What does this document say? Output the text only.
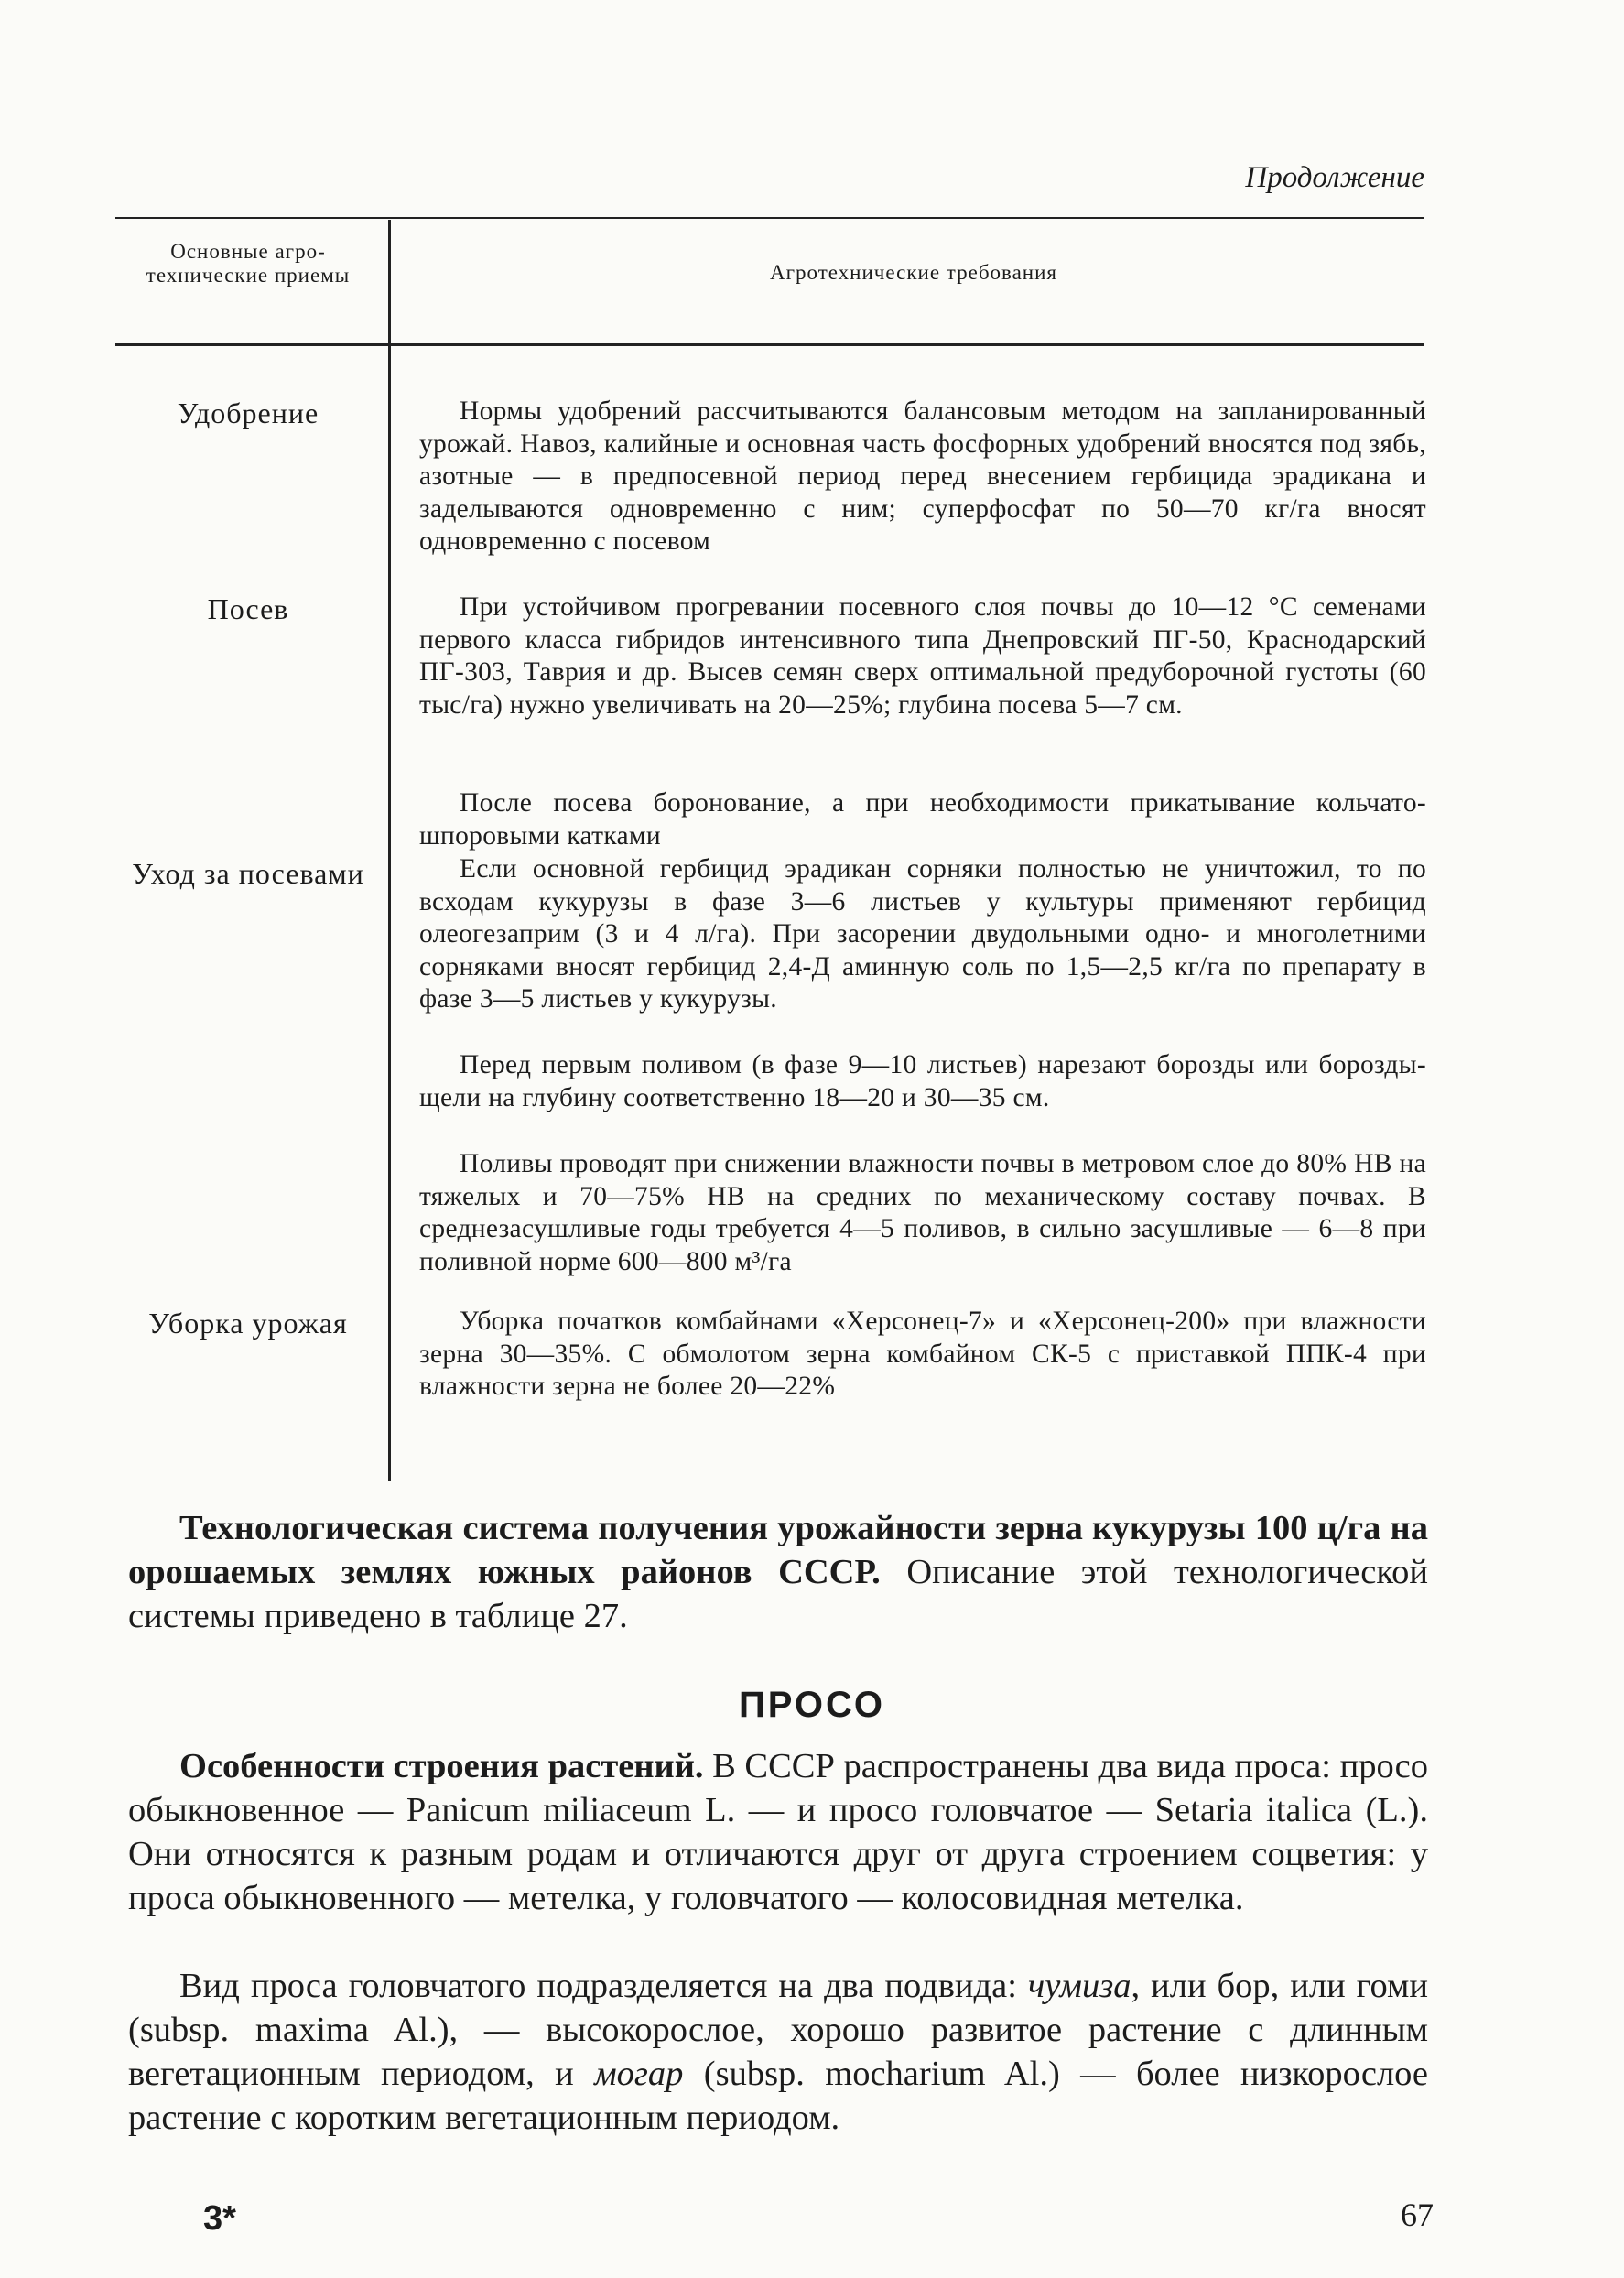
Продолжение
Основные агро-технические приемы	Агротехнические требования
Удобрение
Посев
Уход за посевами
Уборка урожая

Нормы удобрений рассчитываются балансовым методом на запланированный урожай. Навоз, калийные и основная часть фосфорных удобрений вносятся под зябь, азотные — в предпосевной период перед внесением гербицида эрадикана и заделываются одновременно с ним; суперфосфат по 50—70 кг/га вносят одновременно с посевом

При устойчивом прогревании посевного слоя почвы до 10—12 °С семенами первого класса гибридов интенсивного типа Днепровский ПГ-50, Краснодарский ПГ-303, Таврия и др. Высев семян сверх оптимальной предуборочной густоты (60 тыс/га) нужно увеличивать на 20—25%; глубина посева 5—7 см.

После посева боронование, а при необходимости прикатывание кольчато-шпоровыми катками

Если основной гербицид эрадикан сорняки полностью не уничтожил, то по всходам кукурузы в фазе 3—6 листьев у культуры применяют гербицид олеогезаприм (3 и 4 л/га). При засорении двудольными одно- и многолетними сорняками вносят гербицид 2,4-Д аминную соль по 1,5—2,5 кг/га по препарату в фазе 3—5 листьев у кукурузы.

Перед первым поливом (в фазе 9—10 листьев) нарезают борозды или борозды-щели на глубину соответственно 18—20 и 30—35 см.

Поливы проводят при снижении влажности почвы в метровом слое до 80% НВ на тяжелых и 70—75% НВ на средних по механическому составу почвах. В среднезасушливые годы требуется 4—5 поливов, в сильно засушливые — 6—8 при поливной норме 600—800 м³/га

Уборка початков комбайнами «Херсонец-7» и «Херсонец-200» при влажности зерна 30—35%. С обмолотом зерна комбайном СК-5 с приставкой ППК-4 при влажности зерна не более 20—22%

Технологическая система получения урожайности зерна кукурузы 100 ц/га на орошаемых землях южных районов СССР. Описание этой технологической системы приведено в таблице 27.

ПРОСО

Особенности строения растений. В СССР распространены два вида проса: просо обыкновенное — Panicum miliaceum L. — и просо головчатое — Setaria italica (L.). Они относятся к разным родам и отличаются друг от друга строением соцветия: у проса обыкновенного — метелка, у головчатого — колосовидная метелка.

Вид проса головчатого подразделяется на два подвида: чумиза, или бор, или гоми (subsp. maxima Al.), — высокорослое, хорошо развитое растение с длинным вегетационным периодом, и могар (subsp. mocharium Al.) — более низкорослое растение с коротким вегетационным периодом.

3*	67
